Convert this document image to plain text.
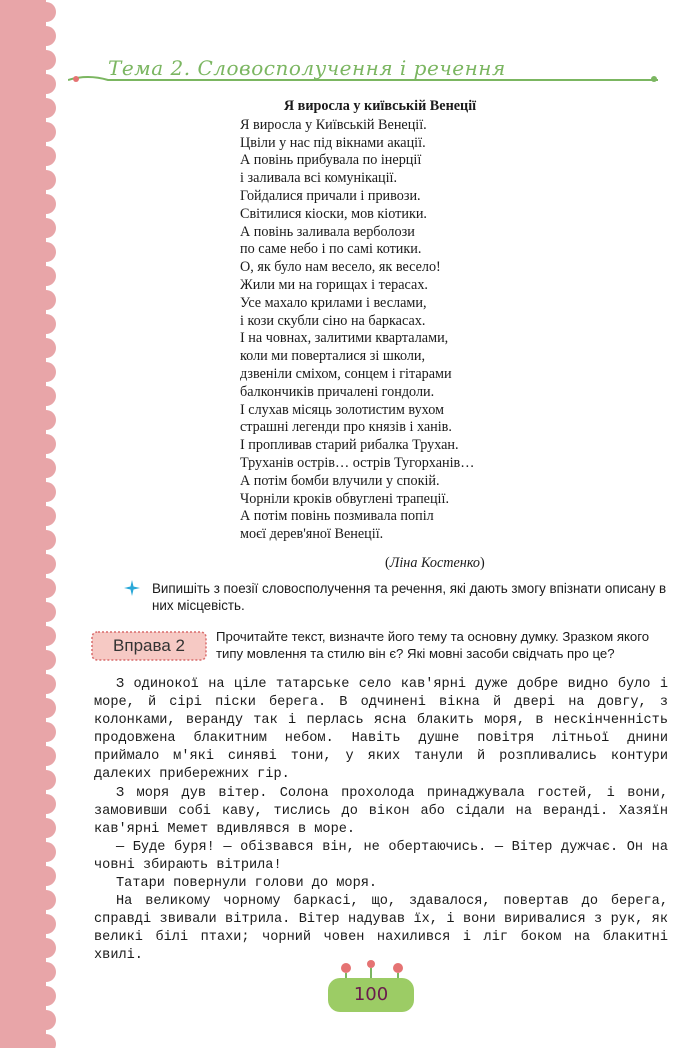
Тема 2. Словосполучення і речення
Я виросла у київській Венеції
Я виросла у Київській Венеції.
Цвіли у нас під вікнами акації.
А повінь прибувала по інерції
і заливала всі комунікації.
Гойдалися причали і привози.
Світилися кіоски, мов кіотики.
А повінь заливала верболози
по саме небо і по самі котики.
О, як було нам весело, як весело!
Жили ми на горищах і терасах.
Усе махало крилами і веслами,
і кози скубли сіно на баркасах.
І на човнах, залитими кварталами,
коли ми поверталися зі школи,
дзвеніли сміхом, сонцем і гітарами
балкончиків причалені гондоли.
І слухав місяць золотистим вухом
страшні легенди про князів і ханів.
І пропливав старий рибалка Трухан.
Труханів острів… острів Тугорханів…
А потім бомби влучили у спокій.
Чорніли кроків обвуглені трапеції.
А потім повінь позмивала попіл
моєї дерев'яної Венеції.
(Ліна Костенко)
Випишіть з поезії словосполучення та речення, які дають змогу впізнати описану в них місцевість.
Вправа 2	Прочитайте текст, визначте його тему та основну думку. Зразком якого типу мовлення та стилю він є? Які мовні засоби свідчать про це?

З одинокої на ціле татарське село кав'ярні дуже добре видно було і море, й сірі піски берега. В одчинені вікна й двері на довгу, з колонками, веранду так і перлась ясна блакить моря, в нескінченність продовжена блакитним небом. Навіть душне повітря літньої днини приймало м'які синяві тони, у яких танули й розпливались контури далеких прибережних гір.

З моря дув вітер. Солона прохолода принаджувала гостей, і вони, замовивши собі каву, тислись до вікон або сідали на веранді. Хазяїн кав'ярні Мемет вдивлявся в море.

— Буде буря! — обізвався він, не обертаючись. — Вітер дужчає. Он на човні збирають вітрила!

Татари повернули голови до моря.

На великому чорному баркасі, що, здавалося, повертав до берега, справді звивали вітрила. Вітер надував їх, і вони виривалися з рук, як великі білі птахи; чорний човен нахилився і ліг боком на блакитні хвилі.

100
